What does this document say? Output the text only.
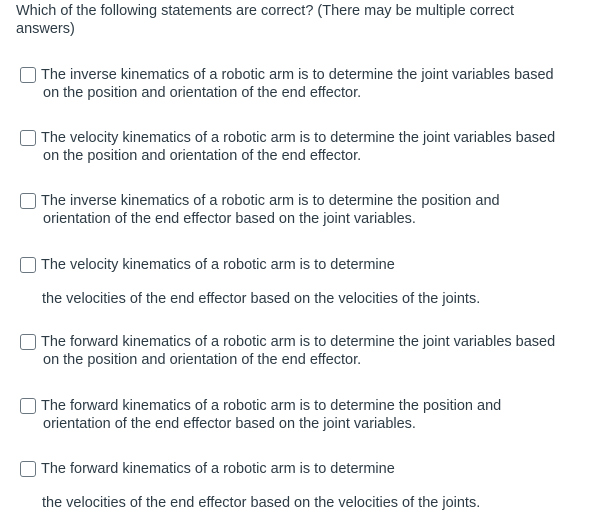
Which of the following statements are correct? (There may be multiple correct answers)

The inverse kinematics of a robotic arm is to determine the joint variables based
on the position and orientation of the end effector.
The velocity kinematics of a robotic arm is to determine the joint variables based
on the position and orientation of the end effector.
The inverse kinematics of a robotic arm is to determine the position and
orientation of the end effector based on the joint variables.
The velocity kinematics of a robotic arm is to determine
the velocities of the end effector based on the velocities of the joints.
The forward kinematics of a robotic arm is to determine the joint variables based
on the position and orientation of the end effector.
The forward kinematics of a robotic arm is to determine the position and
orientation of the end effector based on the joint variables.
The forward kinematics of a robotic arm is to determine
the velocities of the end effector based on the velocities of the joints.
